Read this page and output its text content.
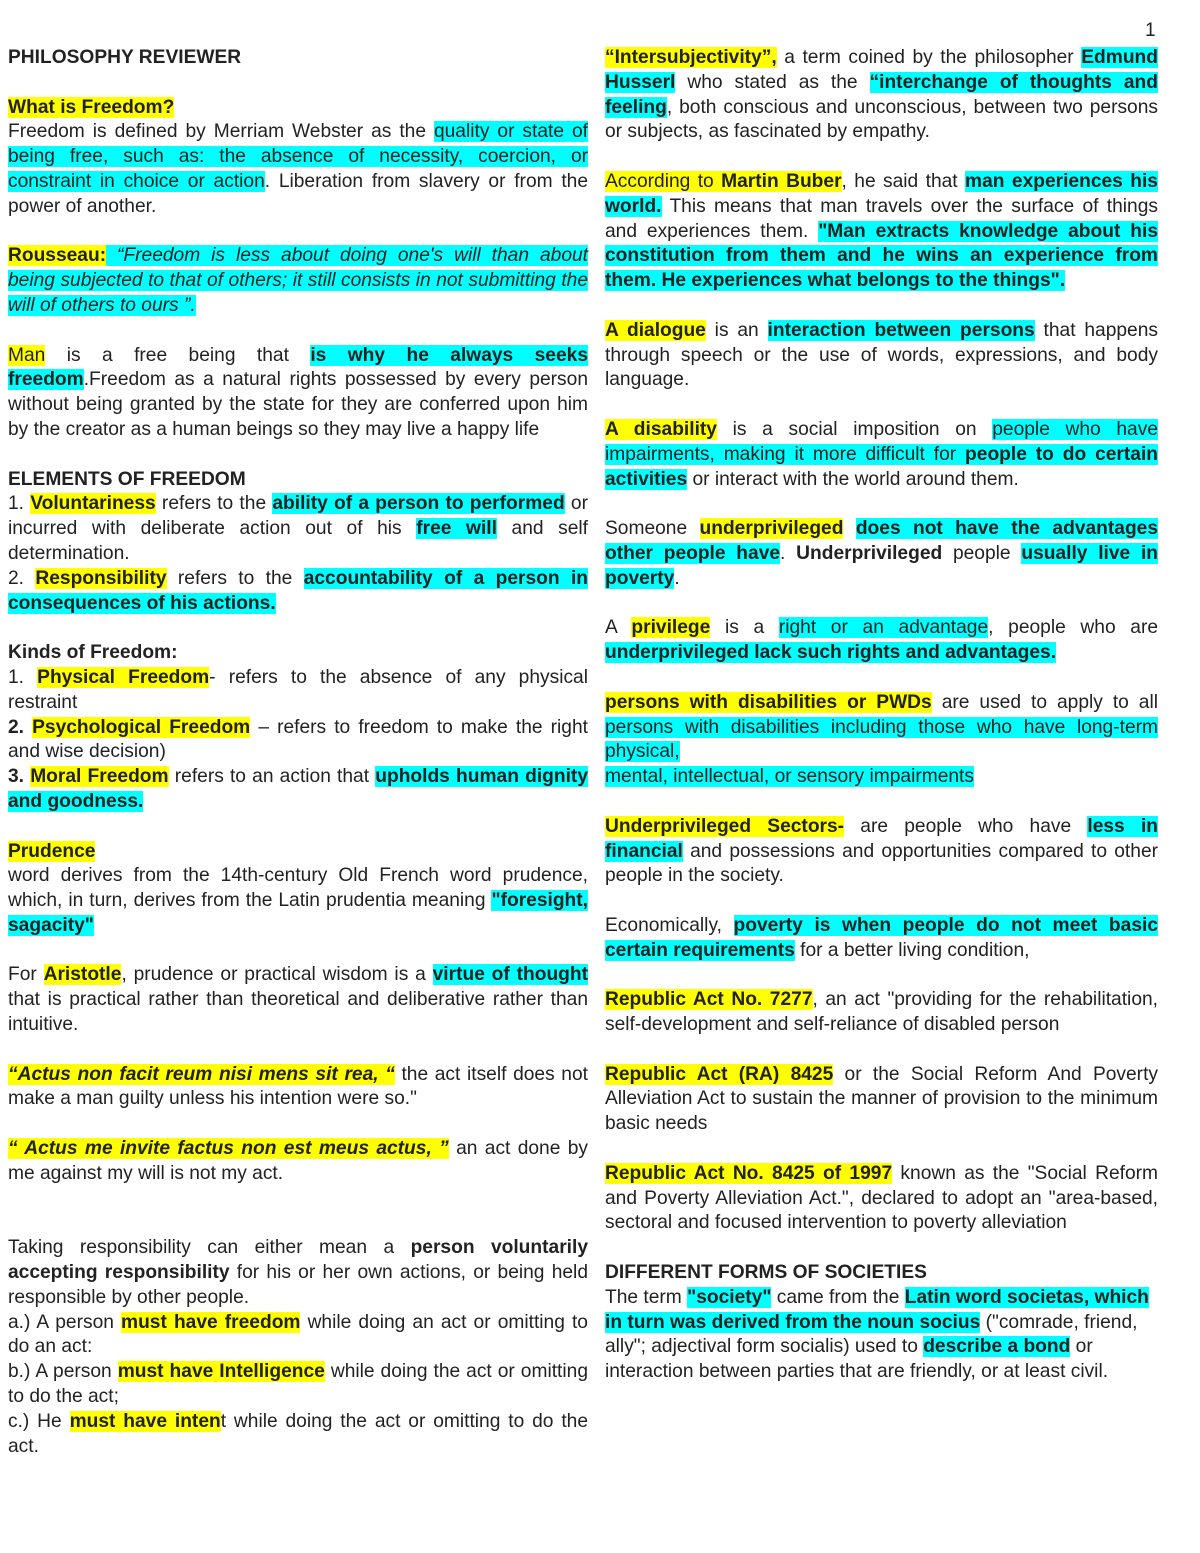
1

PHILOSOPHY REVIEWER

What is Freedom?
Freedom is defined by Merriam Webster as the quality or state of being free, such as: the absence of necessity, coercion, or constraint in choice or action. Liberation from slavery or from the power of another.

Rousseau: “Freedom is less about doing one's will than about being subjected to that of others; it still consists in not submitting the will of others to ours ”.

Man is a free being that is why he always seeks freedom.Freedom as a natural rights possessed by every person without being granted by the state for they are conferred upon him by the creator as a human beings so they may live a happy life

ELEMENTS OF FREEDOM
1. Voluntariness refers to the ability of a person to performed or incurred with deliberate action out of his free will and self determination.
2. Responsibility refers to the accountability of a person in consequences of his actions.

Kinds of Freedom:
1. Physical Freedom- refers to the absence of any physical restraint
2. Psychological Freedom – refers to freedom to make the right and wise decision)
3. Moral Freedom refers to an action that upholds human dignity and goodness.

Prudence
word derives from the 14th-century Old French word prudence, which, in turn, derives from the Latin prudentia meaning "foresight, sagacity"

For Aristotle, prudence or practical wisdom is a virtue of thought that is practical rather than theoretical and deliberative rather than intuitive.

“Actus non facit reum nisi mens sit rea, “ the act itself does not make a man guilty unless his intention were so."

“ Actus me invite factus non est meus actus, ” an act done by me against my will is not my act.

Taking responsibility can either mean a person voluntarily accepting responsibility for his or her own actions, or being held responsible by other people.
a.) A person must have freedom while doing an act or omitting to do an act:
b.) A person must have Intelligence while doing the act or omitting to do the act;
c.) He must have intent while doing the act or omitting to do the act.

“Intersubjectivity”, a term coined by the philosopher Edmund Husserl who stated as the “interchange of thoughts and feeling, both conscious and unconscious, between two persons or subjects, as fascinated by empathy.

According to Martin Buber, he said that man experiences his world. This means that man travels over the surface of things and experiences them. "Man extracts knowledge about his constitution from them and he wins an experience from them. He experiences what belongs to the things".

A dialogue is an interaction between persons that happens through speech or the use of words, expressions, and body language.

A disability is a social imposition on people who have impairments, making it more difficult for people to do certain activities or interact with the world around them.

Someone underprivileged does not have the advantages other people have. Underprivileged people usually live in poverty.

A privilege is a right or an advantage, people who are underprivileged lack such rights and advantages.

persons with disabilities or PWDs are used to apply to all persons with disabilities including those who have long-term physical,
mental, intellectual, or sensory impairments

Underprivileged Sectors- are people who have less in financial and possessions and opportunities compared to other people in the society.

Economically, poverty is when people do not meet basic certain requirements for a better living condition,

Republic Act No. 7277, an act "providing for the rehabilitation, self-development and self-reliance of disabled person

Republic Act (RA) 8425 or the Social Reform And Poverty Alleviation Act to sustain the manner of provision to the minimum basic needs

Republic Act No. 8425 of 1997 known as the "Social Reform and Poverty Alleviation Act.", declared to adopt an "area-based, sectoral and focused intervention to poverty alleviation

DIFFERENT FORMS OF SOCIETIES
The term "society" came from the Latin word societas, which in turn was derived from the noun socius ("comrade, friend, ally"; adjectival form socialis) used to describe a bond or interaction between parties that are friendly, or at least civil.
